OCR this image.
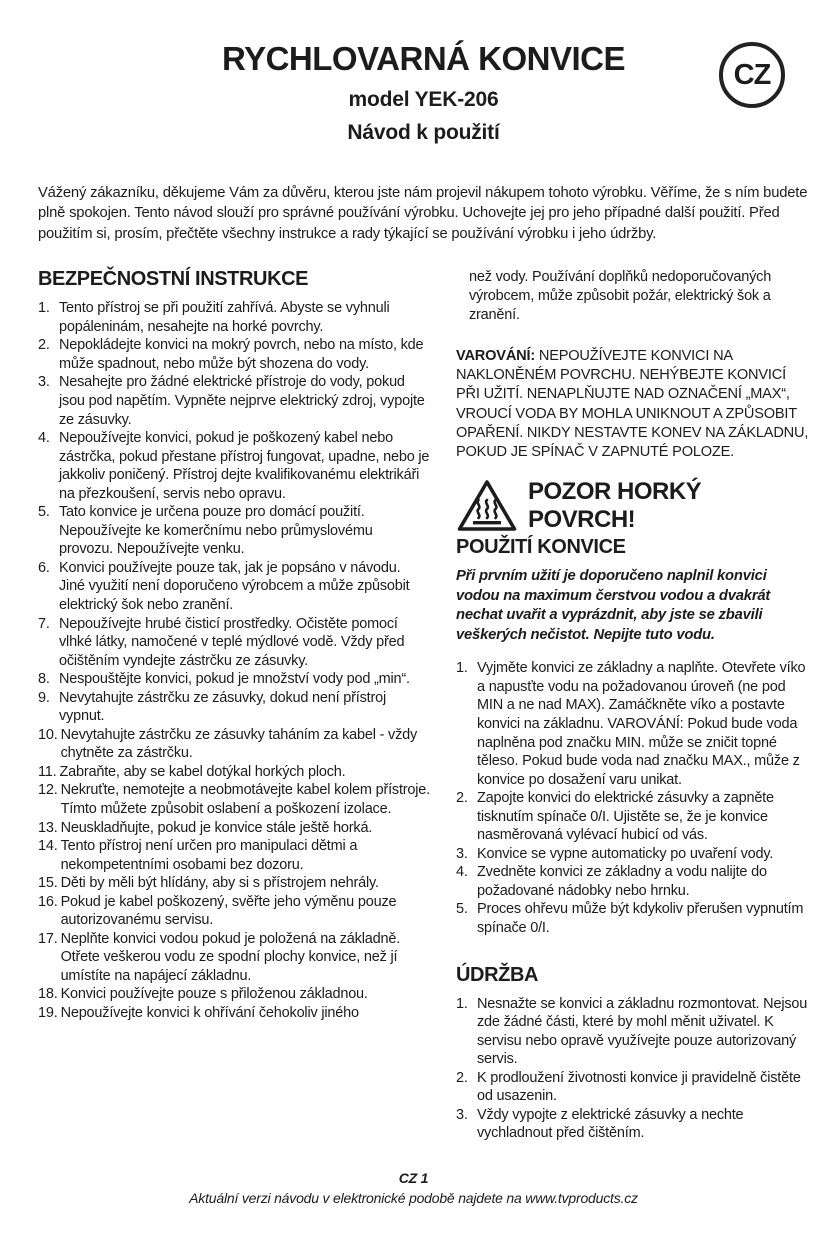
RYCHLOVARNÁ KONVICE
model YEK-206
Návod k použití
CZ

Vážený zákazníku, děkujeme Vám za důvěru, kterou jste nám projevil nákupem tohoto výrobku. Věříme, že s ním budete plně spokojen. Tento návod slouží pro správné používání výrobku. Uchovejte jej pro jeho případné další použití. Před použitím si, prosím, přečtěte všechny instrukce a rady týkající se používání výrobku i jeho údržby.

BEZPEČNOSTNÍ INSTRUKCE
1. Tento přístroj se při použití zahřívá. Abyste se vyhnuli popáleninám, nesahejte na horké povrchy.
2. Nepokládejte konvici na mokrý povrch, nebo na místo, kde může spadnout, nebo může být shozena do vody.
3. Nesahejte pro žádné elektrické přístroje do vody, pokud jsou pod napětím. Vypněte nejprve elektrický zdroj, vypojte ze zásuvky.
4. Nepoužívejte konvici, pokud je poškozený kabel nebo zástrčka, pokud přestane přístroj fungovat, upadne, nebo je jakkoliv poničený. Přístroj dejte kvalifikovanému elektrikáři na přezkoušení, servis nebo opravu.
5. Tato konvice je určena pouze pro domácí použití. Nepoužívejte ke komerčnímu nebo průmyslovému provozu. Nepoužívejte venku.
6. Konvici používejte pouze tak, jak je popsáno v návodu. Jiné využití není doporučeno výrobcem a může způsobit elektrický šok nebo zranění.
7. Nepoužívejte hrubé čisticí prostředky. Očistěte pomocí vlhké látky, namočené v teplé mýdlové vodě. Vždy před očištěním vyndejte zástrčku ze zásuvky.
8. Nespouštějte konvici, pokud je množství vody pod „min“.
9. Nevytahujte zástrčku ze zásuvky, dokud není přístroj vypnut.
10. Nevytahujte zástrčku ze zásuvky taháním za kabel - vždy chytněte za zástrčku.
11. Zabraňte, aby se kabel dotýkal horkých ploch.
12. Nekruťte, nemotejte a neobmotávejte kabel kolem přístroje. Tímto můžete způsobit oslabení a poškození izolace.
13. Neuskladňujte, pokud je konvice stále ještě horká.
14. Tento přístroj není určen pro manipulaci dětmi a nekompetentními osobami bez dozoru.
15. Děti by měli být hlídány, aby si s přístrojem nehrály.
16. Pokud je kabel poškozený, svěřte jeho výměnu pouze autorizovanému servisu.
17. Neplňte konvici vodou pokud je položená na základně. Otřete veškerou vodu ze spodní plochy konvice, než jí umístíte na napájecí základnu.
18. Konvici používejte pouze s přiloženou základnou.
19. Nepoužívejte konvici k ohřívání čehokoliv jiného

než vody. Používání doplňků nedoporučovaných výrobcem, může způsobit požár, elektrický šok a zranění.

VAROVÁNÍ: NEPOUŽÍVEJTE KONVICI NA NAKLONĚNÉM POVRCHU. NEHÝBEJTE KONVICÍ PŘI UŽITÍ. NENAPLŇUJTE NAD OZNAČENÍ „MAX“, VROUCÍ VODA BY MOHLA UNIKNOUT A ZPŮSOBIT OPAŘENÍ. NIKDY NESTAVTE KONEV NA ZÁKLADNU, POKUD JE SPÍNAČ V ZAPNUTÉ POLOZE.

POZOR HORKÝ POVRCH!
POUŽITÍ KONVICE

Při prvním užití je doporučeno naplnil konvici vodou na maximum čerstvou vodou a dvakrát nechat uvařit a vyprázdnit, aby jste se zbavili veškerých nečistot. Nepijte tuto vodu.

1. Vyjměte konvici ze základny a naplňte. Otevřete víko a napusťte vodu na požadovanou úroveň (ne pod MIN a ne nad MAX). Zamáčkněte víko a postavte konvici na základnu. VAROVÁNÍ: Pokud bude voda naplněna pod značku MIN. může se zničit topné těleso. Pokud bude voda nad značku MAX., může z konvice po dosažení varu unikat.
2. Zapojte konvici do elektrické zásuvky a zapněte tisknutím spínače 0/I. Ujistěte se, že je konvice nasměrovaná vylévací hubicí od vás.
3. Konvice se vypne automaticky po uvaření vody.
4. Zvedněte konvici ze základny a vodu nalijte do požadované nádobky nebo hrnku.
5. Proces ohřevu může být kdykoliv přerušen vypnutím spínače 0/I.
ÚDRŽBA
1. Nesnažte se konvici a základnu rozmontovat. Nejsou zde žádné části, které by mohl měnit uživatel. K servisu nebo opravě využívejte pouze autorizovaný servis.
2. K prodloužení životnosti konvice ji pravidelně čistěte od usazenin.
3. Vždy vypojte z elektrické zásuvky a nechte vychladnout před čištěním.
CZ 1
Aktuální verzi návodu v elektronické podobě najdete na www.tvproducts.cz
